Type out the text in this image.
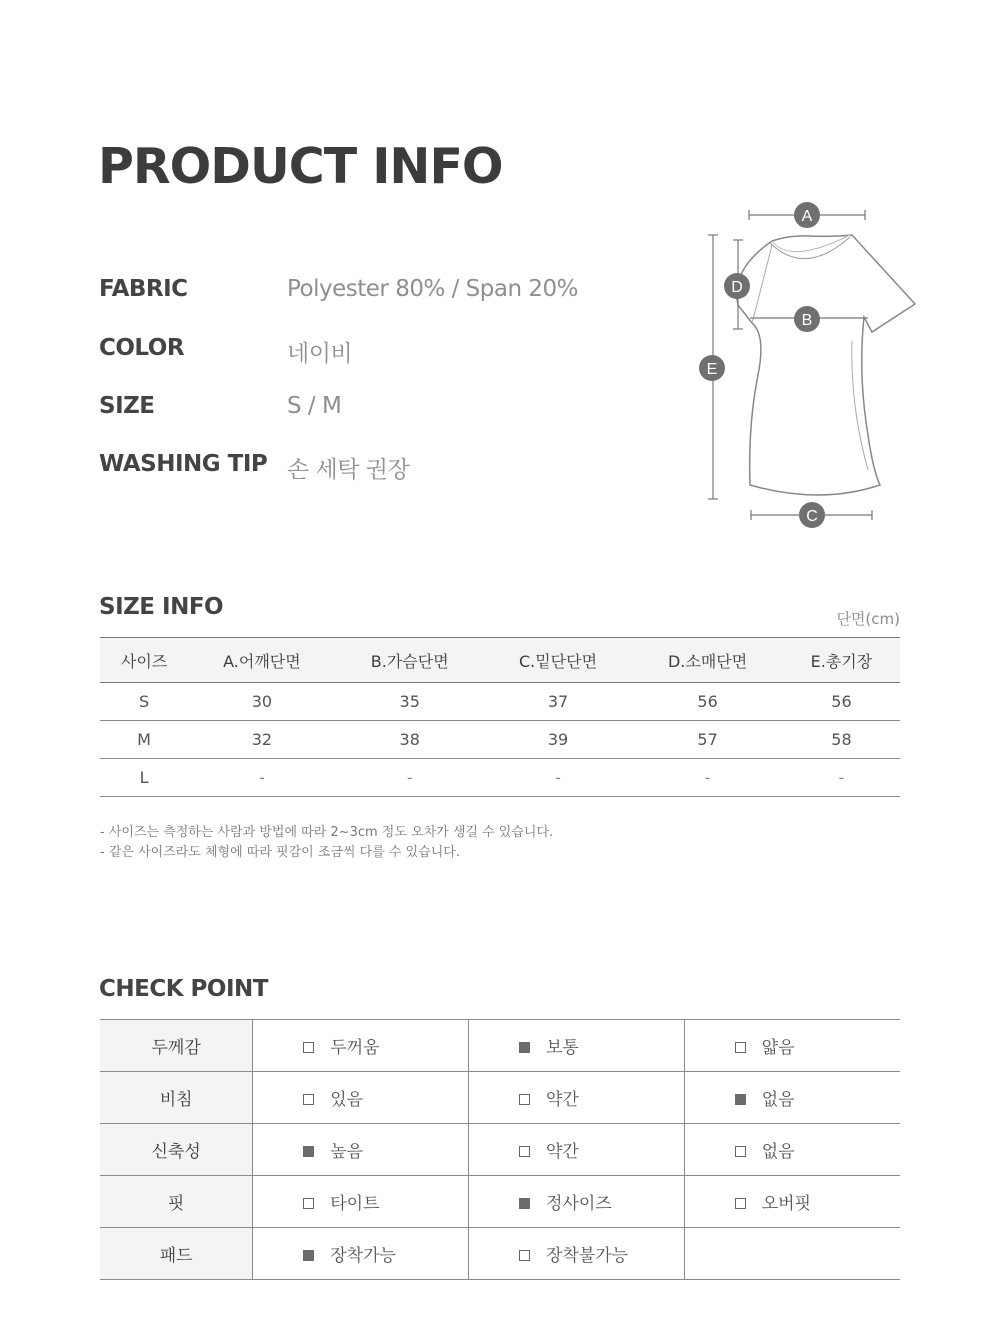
PRODUCT INFO
FABRIC	Polyester 80% / Span 20%
COLOR	네이비
SIZE	S / M
WASHING TIP 손 세탁 권장
A
B
C
D
E
SIZE INFO	단면(cm)
사이즈	A.어깨단면	B.가슴단면	C.밑단단면	D.소매단면	E.총기장
S	30	35	37	56	56
M	32	38	39	57	58
L	-	-	-	-	-
- 사이즈는 측정하는 사람과 방법에 따라 2~3cm 정도 오차가 생길 수 있습니다.
- 같은 사이즈라도 체형에 따라 핏감이 조금씩 다를 수 있습니다.
CHECK POINT
두께감	두꺼움	보통	얇음
비침	있음	약간	없음
신축성	높음	약간	없음
핏	타이트	정사이즈	오버핏
패드	장착가능	장착불가능	
